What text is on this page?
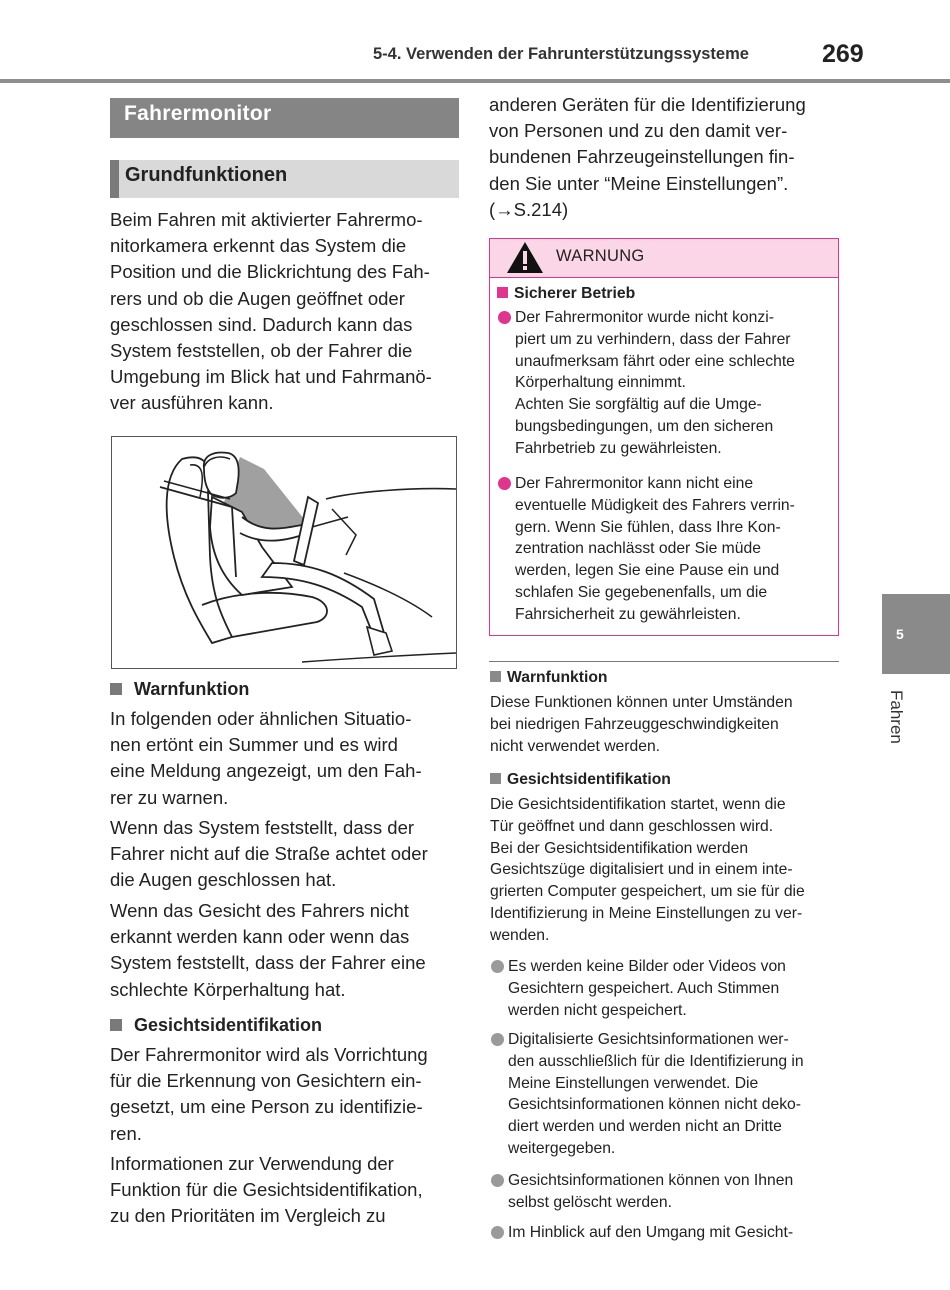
5-4. Verwenden der Fahrunterstützungssysteme	269
5
Fahren
Fahrermonitor
Grundfunktionen
Beim Fahren mit aktivierter Fahrermo-
nitorkamera erkennt das System die
Position und die Blickrichtung des Fah-
rers und ob die Augen geöffnet oder
geschlossen sind. Dadurch kann das
System feststellen, ob der Fahrer die
Umgebung im Blick hat und Fahrmanö-
ver ausführen kann.
Warnfunktion
In folgenden oder ähnlichen Situatio-
nen ertönt ein Summer und es wird
eine Meldung angezeigt, um den Fah-
rer zu warnen.
Wenn das System feststellt, dass der
Fahrer nicht auf die Straße achtet oder
die Augen geschlossen hat.
Wenn das Gesicht des Fahrers nicht
erkannt werden kann oder wenn das
System feststellt, dass der Fahrer eine
schlechte Körperhaltung hat.
Gesichtsidentifikation
Der Fahrermonitor wird als Vorrichtung
für die Erkennung von Gesichtern ein-
gesetzt, um eine Person zu identifizie-
ren.
Informationen zur Verwendung der
Funktion für die Gesichtsidentifikation,
zu den Prioritäten im Vergleich zu
anderen Geräten für die Identifizierung
von Personen und zu den damit ver-
bundenen Fahrzeugeinstellungen fin-
den Sie unter “Meine Einstellungen”.
(→S.214)
WARNUNG
Sicherer Betrieb
Der Fahrermonitor wurde nicht konzi-
piert um zu verhindern, dass der Fahrer
unaufmerksam fährt oder eine schlechte
Körperhaltung einnimmt.
Achten Sie sorgfältig auf die Umge-
bungsbedingungen, um den sicheren
Fahrbetrieb zu gewährleisten.
Der Fahrermonitor kann nicht eine
eventuelle Müdigkeit des Fahrers verrin-
gern. Wenn Sie fühlen, dass Ihre Kon-
zentration nachlässt oder Sie müde
werden, legen Sie eine Pause ein und
schlafen Sie gegebenenfalls, um die
Fahrsicherheit zu gewährleisten.
Warnfunktion
Diese Funktionen können unter Umständen
bei niedrigen Fahrzeuggeschwindigkeiten
nicht verwendet werden.
Gesichtsidentifikation
Die Gesichtsidentifikation startet, wenn die
Tür geöffnet und dann geschlossen wird.
Bei der Gesichtsidentifikation werden
Gesichtszüge digitalisiert und in einem inte-
grierten Computer gespeichert, um sie für die
Identifizierung in Meine Einstellungen zu ver-
wenden.
Es werden keine Bilder oder Videos von
Gesichtern gespeichert. Auch Stimmen
werden nicht gespeichert.
Digitalisierte Gesichtsinformationen wer-
den ausschließlich für die Identifizierung in
Meine Einstellungen verwendet. Die
Gesichtsinformationen können nicht deko-
diert werden und werden nicht an Dritte
weitergegeben.
Gesichtsinformationen können von Ihnen
selbst gelöscht werden.
Im Hinblick auf den Umgang mit Gesicht-
